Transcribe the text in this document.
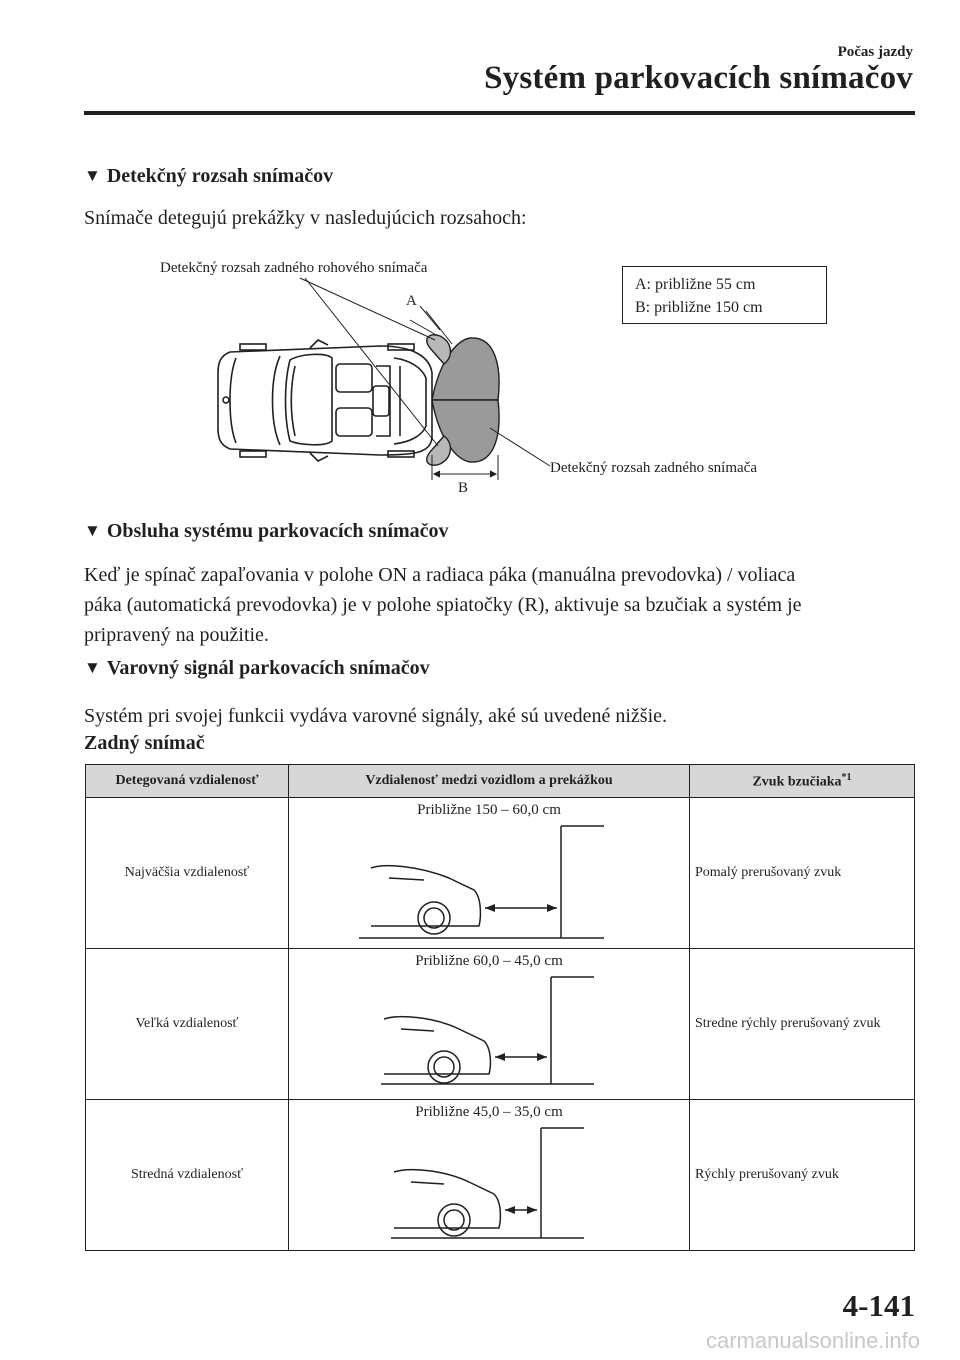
Počas jazdy
Systém parkovacích snímačov
▼ Detekčný rozsah snímačov
Snímače detegujú prekážky v nasledujúcich rozsahoch:
Detekčný rozsah zadného rohového snímača
A
B
Detekčný rozsah zadného snímača
A: približne 55 cm
B: približne 150 cm
▼ Obsluha systému parkovacích snímačov
Keď je spínač zapaľovania v polohe ON a radiaca páka (manuálna prevodovka) / voliaca
páka (automatická prevodovka) je v polohe spiatočky (R), aktivuje sa bzučiak a systém je
pripravený na použitie.
▼ Varovný signál parkovacích snímačov
Systém pri svojej funkcii vydáva varovné signály, aké sú uvedené nižšie.
Zadný snímač
Detegovaná vzdialenosť	Vzdialenosť medzi vozidlom a prekážkou	Zvuk bzučiaka$^{*1}$
Najväčšia vzdialenosť	Približne 150 – 60,0 cm	Pomalý prerušovaný zvuk
Veľká vzdialenosť	Približne 60,0 – 45,0 cm	Stredne rýchly prerušovaný zvuk
Stredná vzdialenosť	Približne 45,0 – 35,0 cm	Rýchly prerušovaný zvuk
4-141
carmanualsonline.info
